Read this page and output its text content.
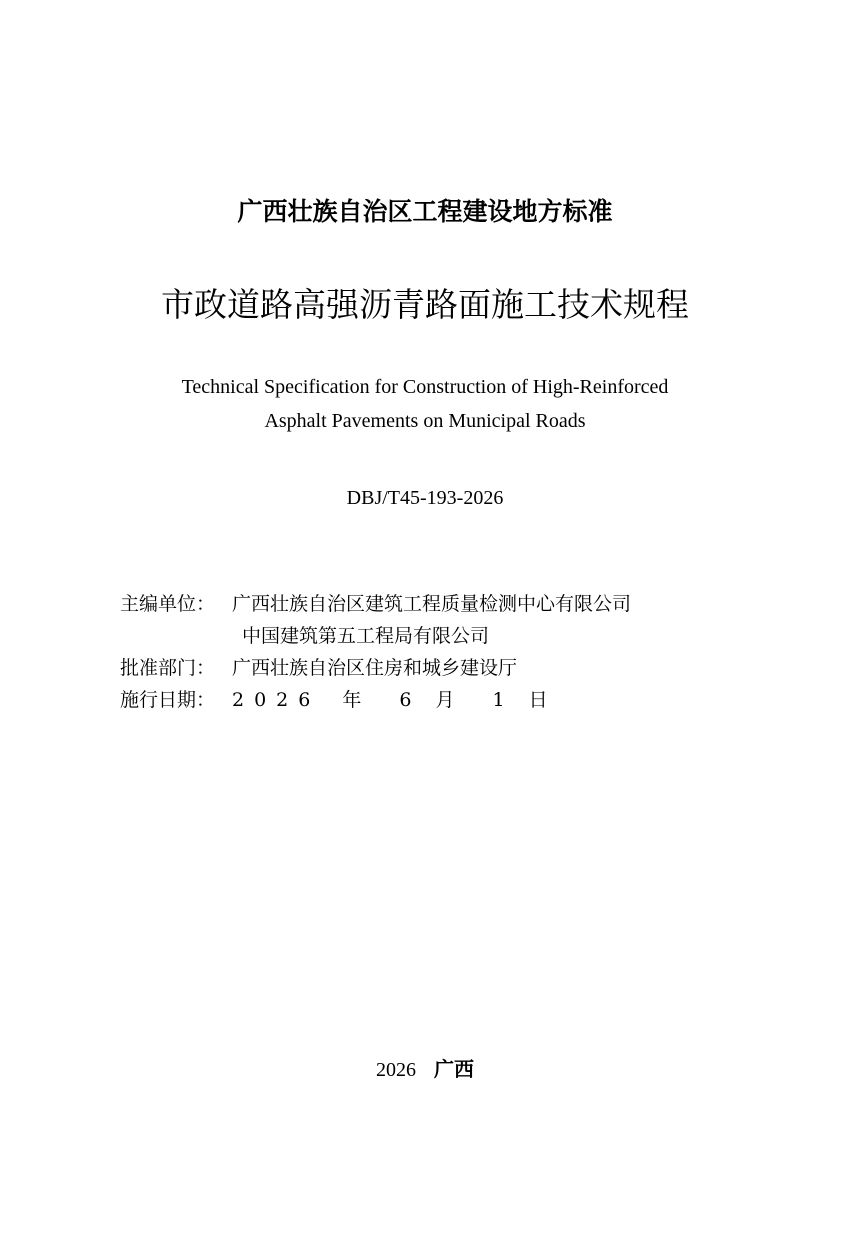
广西壮族自治区工程建设地方标准
市政道路高强沥青路面施工技术规程
Technical Specification for Construction of High-Reinforced
Asphalt Pavements on Municipal Roads
DBJ/T45-193-2026
主编单位： 广西壮族自治区建筑工程质量检测中心有限公司
中国建筑第五工程局有限公司
批准部门： 广西壮族自治区住房和城乡建设厅
施行日期： 2026 年 6 月 1 日
2026 广西
